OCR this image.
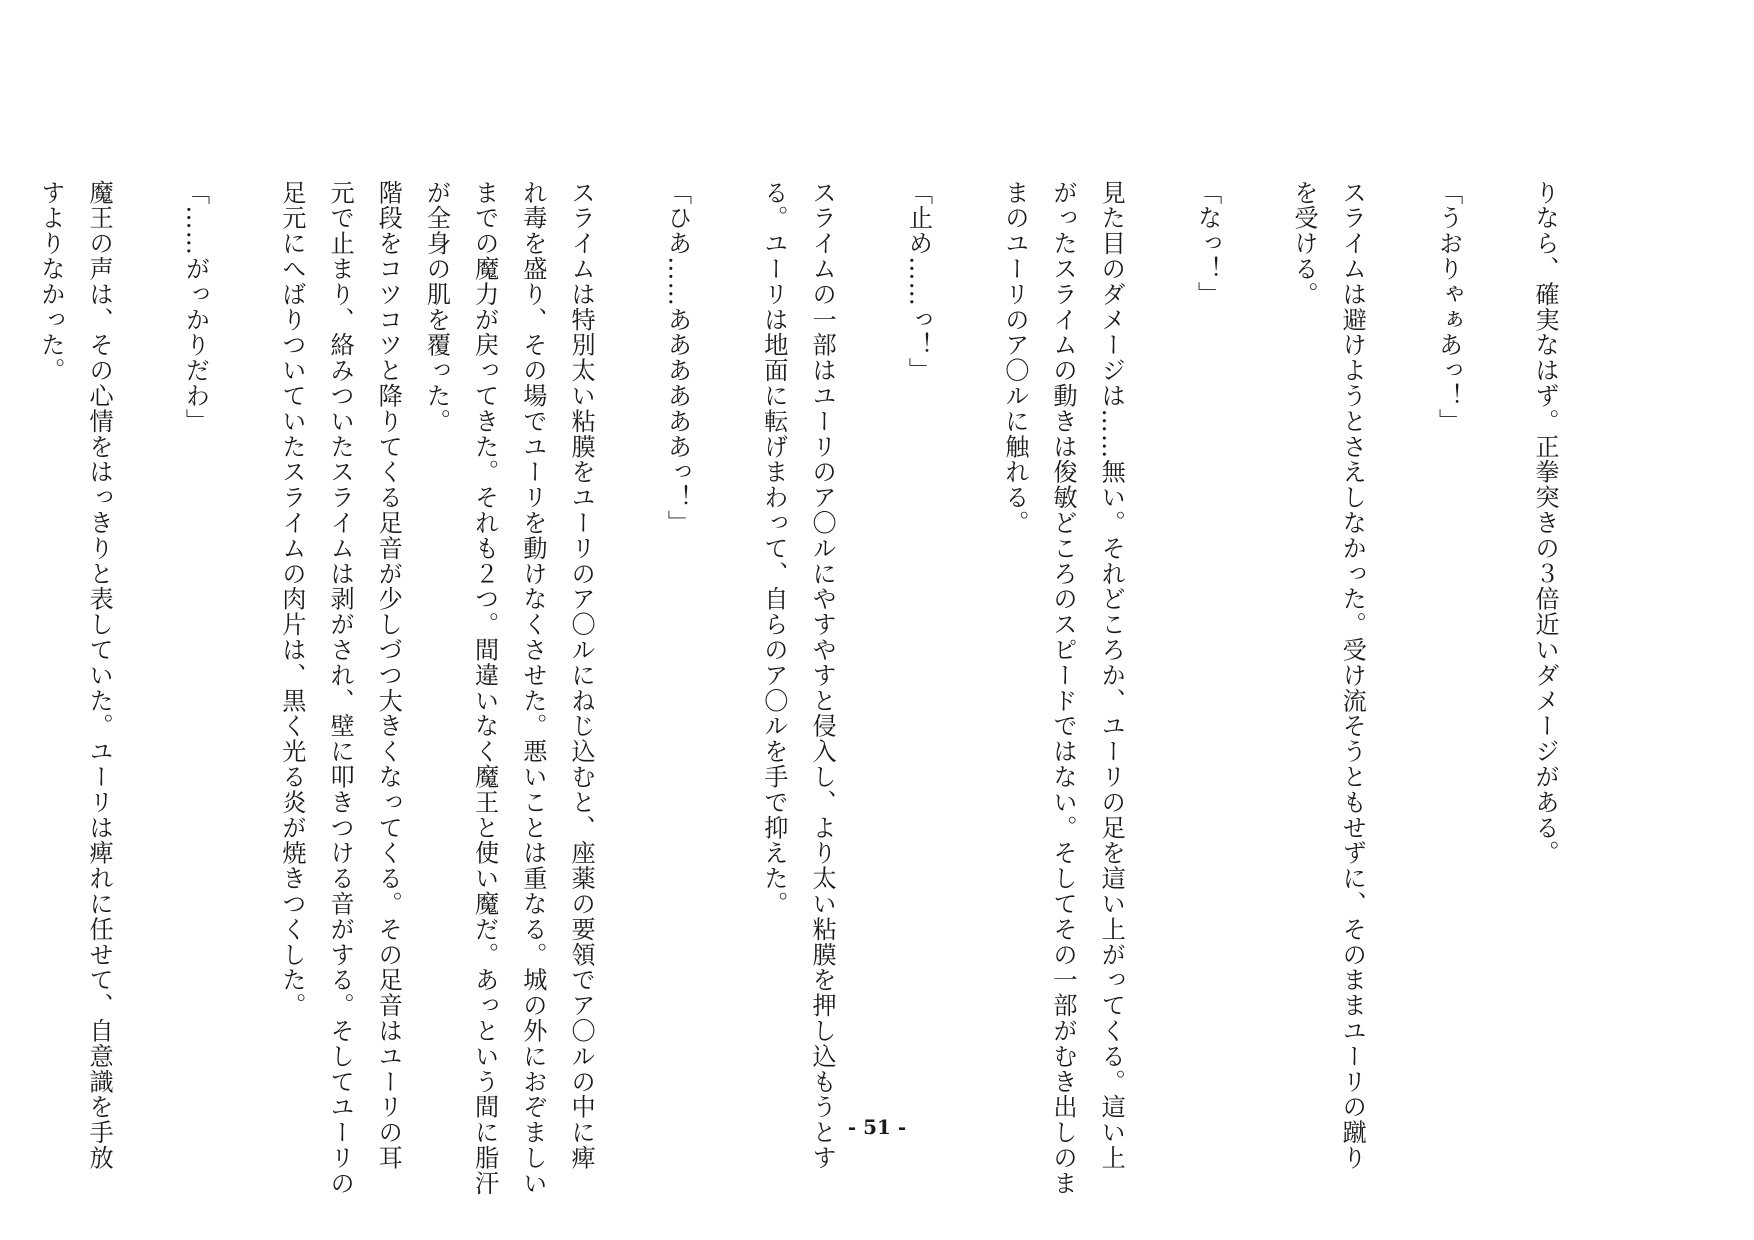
りなら、確実なはず。正拳突きの３倍近いダメージがある。
「うおりゃぁあっ！」
スライムは避けようとさえしなかった。受け流そうともせずに、そのままユーリの蹴り
を受ける。
「なっ！」
見た目のダメージは……無い。それどころか、ユーリの足を這い上がってくる。這い上
がったスライムの動きは俊敏どころのスピードではない。そしてその一部がむき出しのま
まのユーリのア〇ルに触れる。
「止め……っ！」
スライムの一部はユーリのア〇ルにやすやすと侵入し、より太い粘膜を押し込もうとす
る。ユーリは地面に転げまわって、自らのア〇ルを手で抑えた。
「ひあ……ああああああっ！」
スライムは特別太い粘膜をユーリのア〇ルにねじ込むと、座薬の要領でア〇ルの中に痺
れ毒を盛り、その場でユーリを動けなくさせた。悪いことは重なる。城の外におぞましい
までの魔力が戻ってきた。それも２つ。間違いなく魔王と使い魔だ。あっという間に脂汗
が全身の肌を覆った。
階段をコツコツと降りてくる足音が少しづつ大きくなってくる。その足音はユーリの耳
元で止まり、絡みついたスライムは剥がされ、壁に叩きつける音がする。そしてユーリの
足元にへばりついていたスライムの肉片は、黒く光る炎が焼きつくした。
「……がっかりだわ」
魔王の声は、その心情をはっきりと表していた。ユーリは痺れに任せて、自意識を手放
すよりなかった。
- 51 -
